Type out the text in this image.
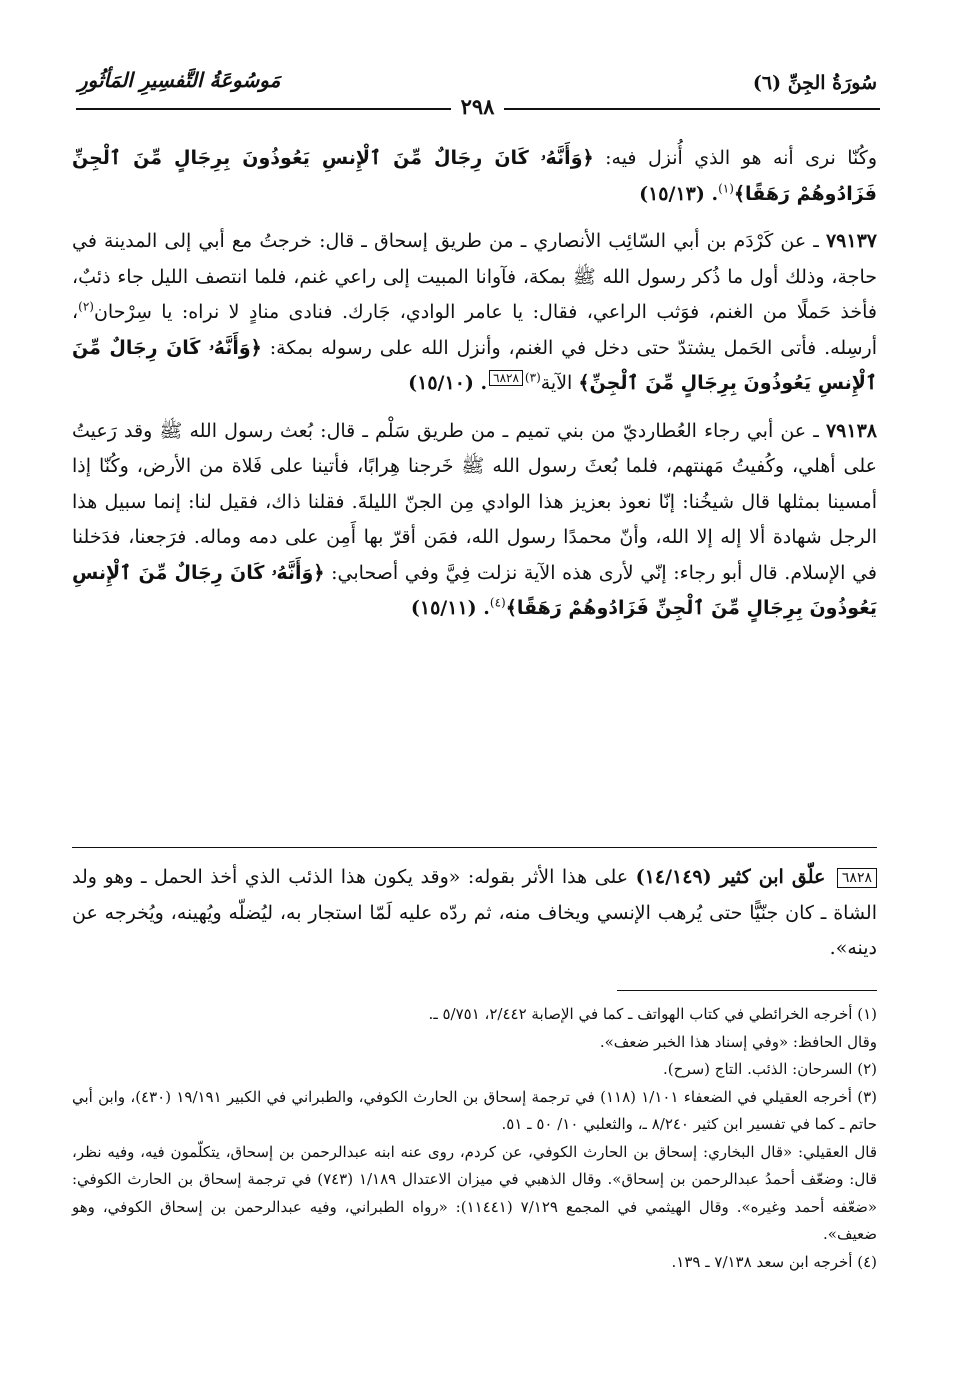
سُورَةُ الجِنِّ (٦)
مَوسُوعَةُ التَّفسِيرِ المَأثُورِ
٢٩٨

وكُنّا نرى أنه هو الذي أُنزل فيه: ﴿وَأَنَّهُۥ كَانَ رِجَالٌ مِّنَ ٱلْإِنسِ يَعُوذُونَ بِرِجَالٍ مِّنَ ٱلْجِنِّ فَزَادُوهُمْ رَهَقًا﴾$^{(١)}$. (١٥/١٣)

٧٩١٣٧ ـ عن كَرْدَم بن أبي السّائِب الأنصاري ـ من طريق إسحاق ـ قال: خرجتُ مع أبي إلى المدينة في حاجة، وذلك أول ما ذُكر رسول الله ﷺ بمكة، فآوانا المبيت إلى راعي غنم، فلما انتصف الليل جاء ذئبٌ، فأخذ حَملًا من الغنم، فوَثب الراعي، فقال: يا عامر الوادي، جَارك. فنادى منادٍ لا نراه: يا سِرْحان$^{(٢)}$، أرسِله. فأتى الحَمل يشتدّ حتى دخل في الغنم، وأنزل الله على رسوله بمكة: ﴿وَأَنَّهُۥ كَانَ رِجَالٌ مِّنَ ٱلْإِنسِ يَعُوذُونَ بِرِجَالٍ مِّنَ ٱلْجِنِّ﴾ الآية$^{(٣)}$٦٨٢٨. (١٥/١٠)

٧٩١٣٨ ـ عن أبي رجاء العُطارديّ من بني تميم ـ من طريق سَلْم ـ قال: بُعث رسول الله ﷺ وقد رَعيتُ على أهلي، وكُفيتُ مَهنتهم، فلما بُعثَ رسول الله ﷺ خَرجنا هِرابًا، فأتينا على فَلاة من الأرض، وكُنّا إذا أمسينا بمثلها قال شيخُنا: إنّا نعوذ بعزيز هذا الوادي مِن الجنّ الليلةَ. فقلنا ذاك، فقيل لنا: إنما سبيل هذا الرجل شهادة ألا إله إلا الله، وأنّ محمدًا رسول الله، فمَن أقرّ بها أَمِن على دمه وماله. فرَجعنا، فدَخلنا في الإسلام. قال أبو رجاء: إنّي لأرى هذه الآية نزلت فِيَّ وفي أصحابي: ﴿وَأَنَّهُۥ كَانَ رِجَالٌ مِّنَ ٱلْإِنسِ يَعُوذُونَ بِرِجَالٍ مِّنَ ٱلْجِنِّ فَزَادُوهُمْ رَهَقًا﴾$^{(٤)}$. (١٥/١١)

٦٨٢٨ علّق ابن كثير (١٤/١٤٩) على هذا الأثر بقوله: «وقد يكون هذا الذئب الذي أخذ الحمل ـ وهو ولد الشاة ـ كان جنّيًّا حتى يُرهب الإنسي ويخاف منه، ثم ردّه عليه لَمّا استجار به، ليُضلّه ويُهينه، ويُخرجه عن دينه».
(١) أخرجه الخرائطي في كتاب الهواتف ـ كما في الإصابة ٢/٤٤٢، ٥/٧٥١ ـ.
وقال الحافظ: «وفي إسناد هذا الخبر ضعف».
(٢) السرحان: الذئب. التاج (سرح).
(٣) أخرجه العقيلي في الضعفاء ١/١٠١ (١١٨) في ترجمة إسحاق بن الحارث الكوفي، والطبراني في الكبير ١٩/١٩١ (٤٣٠)، وابن أبي حاتم ـ كما في تفسير ابن كثير ٨/٢٤٠ ـ، والثعلبي ١٠/ ٥٠ ـ ٥١.
قال العقيلي: «قال البخاري: إسحاق بن الحارث الكوفي، عن كردم، روى عنه ابنه عبدالرحمن بن إسحاق، يتكلّمون فيه، وفيه نظر، قال: وضعّف أحمدُ عبدالرحمن بن إسحاق». وقال الذهبي في ميزان الاعتدال ١/١٨٩ (٧٤٣) في ترجمة إسحاق بن الحارث الكوفي: «ضعّفه أحمد وغيره». وقال الهيثمي في المجمع ٧/١٢٩ (١١٤٤١): «رواه الطبراني، وفيه عبدالرحمن بن إسحاق الكوفي، وهو ضعيف».
(٤) أخرجه ابن سعد ٧/١٣٨ ـ ١٣٩.
